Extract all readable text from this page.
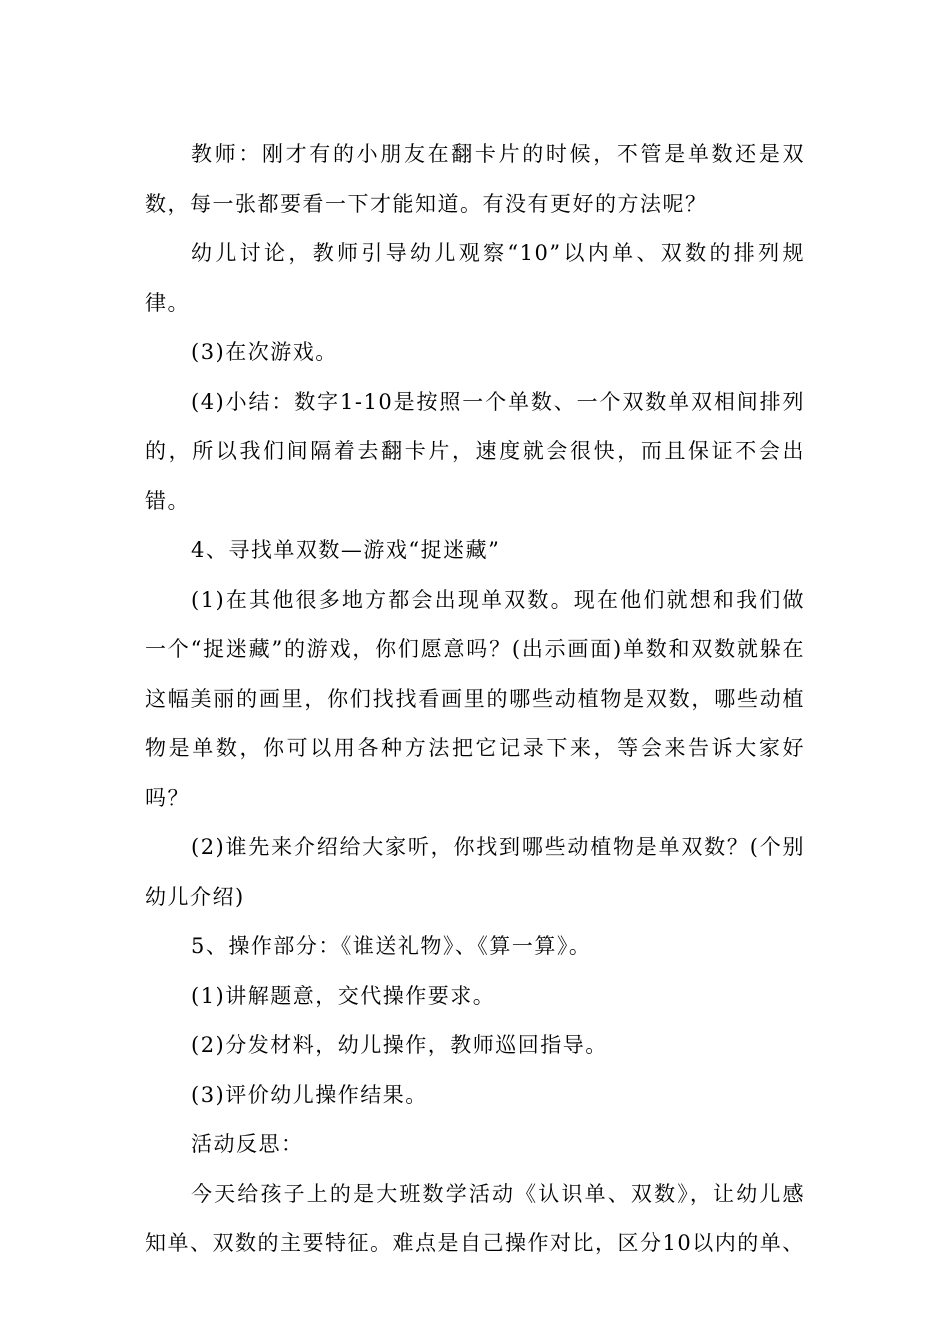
教师：刚才有的小朋友在翻卡片的时候，不管是单数还是双数，每一张都要看一下才能知道。有没有更好的方法呢？

幼儿讨论，教师引导幼儿观察“10”以内单、双数的排列规律。

(3)在次游戏。

(4)小结：数字1-10是按照一个单数、一个双数单双相间排列的，所以我们间隔着去翻卡片，速度就会很快，而且保证不会出错。

4、寻找单双数—游戏“捉迷藏”

(1)在其他很多地方都会出现单双数。现在他们就想和我们做一个“捉迷藏”的游戏，你们愿意吗？(出示画面)单数和双数就躲在这幅美丽的画里，你们找找看画里的哪些动植物是双数，哪些动植物是单数，你可以用各种方法把它记录下来，等会来告诉大家好吗？

(2)谁先来介绍给大家听，你找到哪些动植物是单双数？(个别幼儿介绍)

5、操作部分：《谁送礼物》、《算一算》。

(1)讲解题意，交代操作要求。

(2)分发材料，幼儿操作，教师巡回指导。

(3)评价幼儿操作结果。

活动反思：

今天给孩子上的是大班数学活动《认识单、双数》，让幼儿感知单、双数的主要特征。难点是自己操作对比，区分10以内的单、
